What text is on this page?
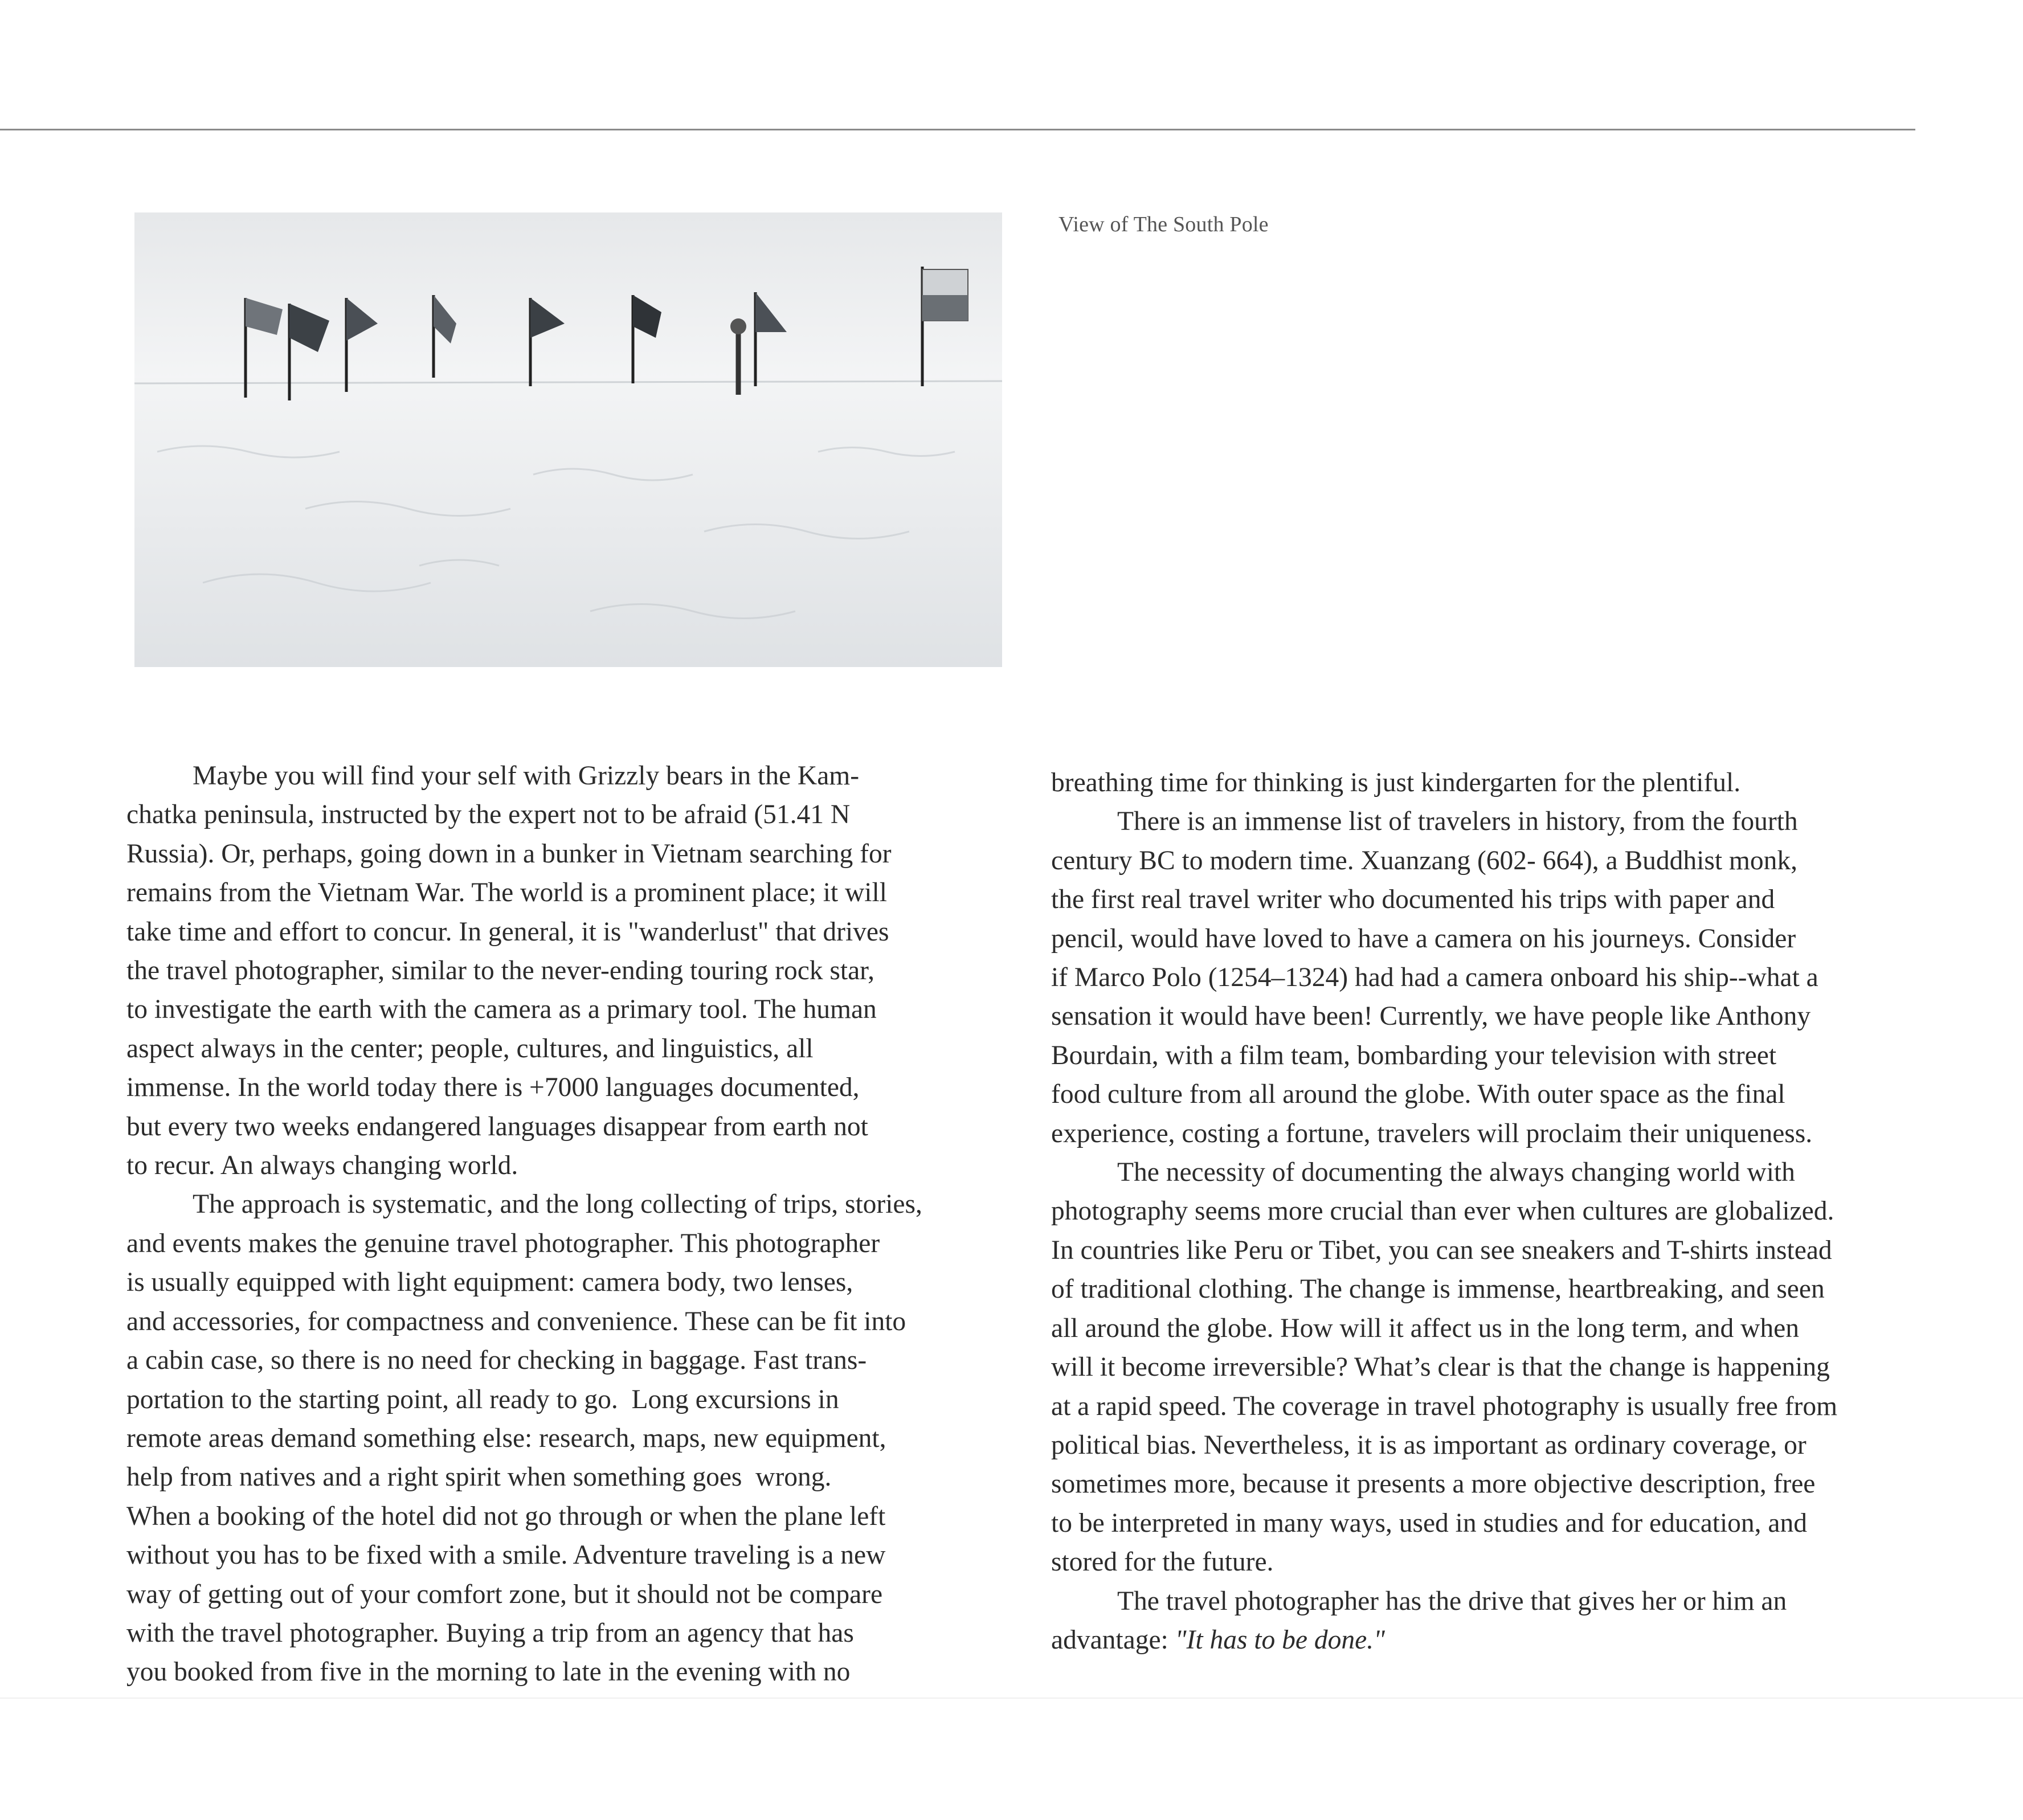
View of The South Pole

Maybe you will find your self with Grizzly bears in the Kam-
chatka peninsula, instructed by the expert not to be afraid (51.41 N
Russia). Or, perhaps, going down in a bunker in Vietnam searching for
remains from the Vietnam War. The world is a prominent place; it will
take time and effort to concur. In general, it is "wanderlust" that drives
the travel photographer, similar to the never-ending touring rock star,
to investigate the earth with the camera as a primary tool. The human
aspect always in the center; people, cultures, and linguistics, all
immense. In the world today there is +7000 languages documented,
but every two weeks endangered languages disappear from earth not
to recur. An always changing world.

The approach is systematic, and the long collecting of trips, stories,
and events makes the genuine travel photographer. This photographer
is usually equipped with light equipment: camera body, two lenses,
and accessories, for compactness and convenience. These can be fit into
a cabin case, so there is no need for checking in baggage. Fast trans-
portation to the starting point, all ready to go.  Long excursions in
remote areas demand something else: research, maps, new equipment,
help from natives and a right spirit when something goes  wrong.
When a booking of the hotel did not go through or when the plane left
without you has to be fixed with a smile. Adventure traveling is a new
way of getting out of your comfort zone, but it should not be compare
with the travel photographer. Buying a trip from an agency that has
you booked from five in the morning to late in the evening with no

breathing time for thinking is just kindergarten for the plentiful.

There is an immense list of travelers in history, from the fourth
century BC to modern time. Xuanzang (602- 664), a Buddhist monk,
the first real travel writer who documented his trips with paper and
pencil, would have loved to have a camera on his journeys. Consider
if Marco Polo (1254–1324) had had a camera onboard his ship--what a
sensation it would have been! Currently, we have people like Anthony
Bourdain, with a film team, bombarding your television with street
food culture from all around the globe. With outer space as the final
experience, costing a fortune, travelers will proclaim their uniqueness.

The necessity of documenting the always changing world with
photography seems more crucial than ever when cultures are globalized.
In countries like Peru or Tibet, you can see sneakers and T-shirts instead
of traditional clothing. The change is immense, heartbreaking, and seen
all around the globe. How will it affect us in the long term, and when
will it become irreversible? What’s clear is that the change is happening
at a rapid speed. The coverage in travel photography is usually free from
political bias. Nevertheless, it is as important as ordinary coverage, or
sometimes more, because it presents a more objective description, free
to be interpreted in many ways, used in studies and for education, and
stored for the future.

The travel photographer has the drive that gives her or him an
advantage: "It has to be done."
